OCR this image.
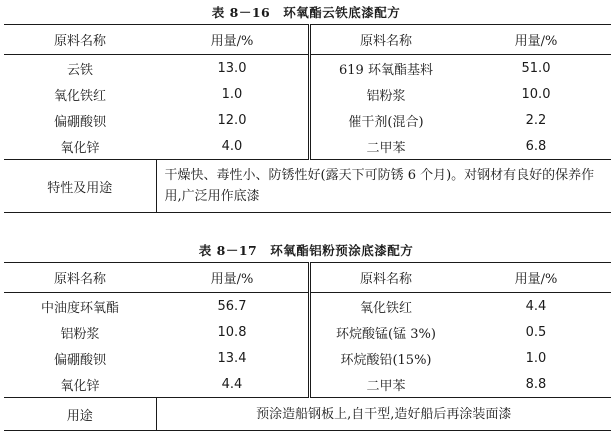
表 8－16　环氧酯云铁底漆配方
原料名称	用量/%	原料名称	用量/%
云铁	13.0	619 环氧酯基料	51.0
氧化铁红	1.0	铝粉浆	10.0
偏硼酸钡	12.0	催干剂(混合)	2.2
氧化锌	4.0	二甲苯	6.8
特性及用途	干燥快、毒性小、防锈性好(露天下可防锈 6 个月)。对钢材有良好的保养作用,广泛用作底漆		
表 8－17　环氧酯铝粉预涂底漆配方
原料名称	用量/%	原料名称	用量/%
中油度环氧酯	56.7	氧化铁红	4.4
铝粉浆	10.8	环烷酸锰(锰 3%)	0.5
偏硼酸钡	13.4	环烷酸铅(15%)	1.0
氧化锌	4.4	二甲苯	8.8
用途	预涂造船钢板上,自干型,造好船后再涂装面漆		
